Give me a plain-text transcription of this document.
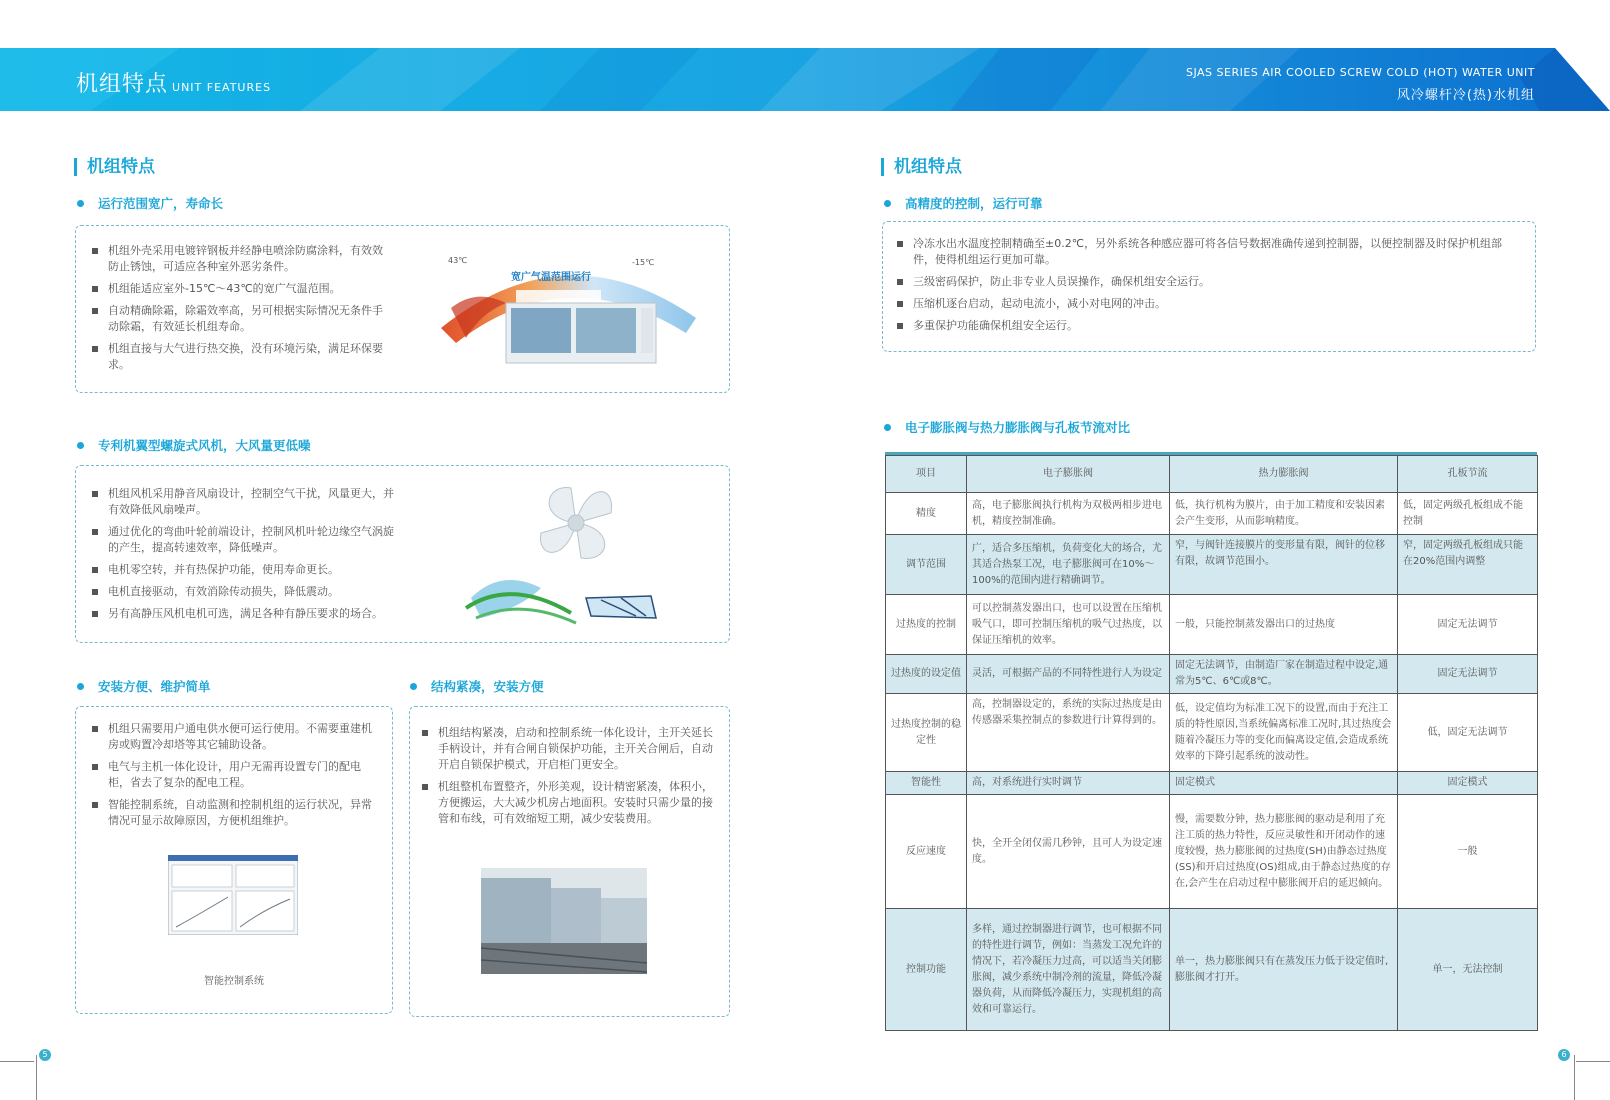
机组特点 UNIT FEATURES
SJAS SERIES AIR COOLED SCREW COLD (HOT) WATER UNIT
风冷螺杆冷(热)水机组
机组特点
运行范围宽广，寿命长
机组外壳采用电镀锌钢板并经静电喷涂防腐涂料，有效效防止锈蚀，可适应各种室外恶劣条件。
机组能适应室外-15℃～43℃的宽广气温范围。
自动精确除霜，除霜效率高，另可根据实际情况无条件手动除霜，有效延长机组寿命。
机组直接与大气进行热交换，没有环境污染，满足环保要求。
43℃	-15℃
宽广气温范围运行
专利机翼型螺旋式风机，大风量更低噪
机组风机采用静音风扇设计，控制空气干扰，风量更大，并有效降低风扇噪声。
通过优化的弯曲叶轮前端设计，控制风机叶轮边缘空气涡旋的产生，提高转速效率，降低噪声。
电机零空转，并有热保护功能，使用寿命更长。
电机直接驱动，有效消除传动损失，降低震动。
另有高静压风机电机可选，满足各种有静压要求的场合。
安装方便、维护简单
机组只需要用户通电供水便可运行使用。不需要重建机房或购置冷却塔等其它辅助设备。
电气与主机一体化设计，用户无需再设置专门的配电柜，省去了复杂的配电工程。
智能控制系统，自动监测和控制机组的运行状况，异常情况可显示故障原因，方便机组维护。
智能控制系统
结构紧凑，安装方便
机组结构紧凑，启动和控制系统一体化设计，主开关延长手柄设计，并有合闸自锁保护功能，主开关合闸后，自动开启自锁保护模式，开启柜门更安全。
机组整机布置整齐，外形美观，设计精密紧凑，体积小，方便搬运，大大减少机房占地面积。安装时只需少量的接管和布线，可有效缩短工期，减少安装费用。
5
机组特点
高精度的控制，运行可靠
冷冻水出水温度控制精确至±0.2℃，另外系统各种感应器可将各信号数据准确传递到控制器，以便控制器及时保护机组部件，使得机组运行更加可靠。
三级密码保护，防止非专业人员误操作，确保机组安全运行。
压缩机逐台启动，起动电流小，减小对电网的冲击。
多重保护功能确保机组安全运行。
电子膨胀阀与热力膨胀阀与孔板节流对比
项目	电子膨胀阀	热力膨胀阀	孔板节流
精度	高，电子膨胀阀执行机构为双极两相步进电机，精度控制准确。	低，执行机构为膜片，由于加工精度和安装因素会产生变形，从而影响精度。	低，固定两级孔板组成不能控制
调节范围	广，适合多压缩机，负荷变化大的场合，尤其适合热泵工况，电子膨胀阀可在10%～100%的范围内进行精确调节。	窄，与阀针连接膜片的变形量有限，阀针的位移有限，故调节范围小。	窄，固定两级孔板组成只能在20%范围内调整
过热度的控制	可以控制蒸发器出口，也可以设置在压缩机吸气口，即可控制压缩机的吸气过热度，以保证压缩机的效率。	一般，只能控制蒸发器出口的过热度	固定无法调节
过热度的设定值	灵活，可根据产品的不同特性进行人为设定	固定无法调节，由制造厂家在制造过程中设定,通常为5℃、6℃或8℃。	固定无法调节
过热度控制的稳定性	高，控制器设定的，系统的实际过热度是由传感器采集控制点的参数进行计算得到的。	低，设定值均为标准工况下的设置,而由于充注工质的特性原因,当系统偏离标准工况时,其过热度会随着冷凝压力等的变化而偏离设定值,会造成系统效率的下降引起系统的波动性。	低，固定无法调节
智能性	高，对系统进行实时调节	固定模式	固定模式
反应速度	快，全开全闭仅需几秒钟，且可人为设定速度。	慢，需要数分钟，热力膨胀阀的驱动是利用了充注工质的热力特性，反应灵敏性和开闭动作的速度较慢，热力膨胀阀的过热度(SH)由静态过热度(SS)和开启过热度(OS)组成,由于静态过热度的存在,会产生在启动过程中膨胀阀开启的延迟倾向。	一般
控制功能	多样，通过控制器进行调节，也可根据不同的特性进行调节，例如：当蒸发工况允许的情况下，若冷凝压力过高，可以适当关闭膨胀阀，减少系统中制冷剂的流量，降低冷凝器负荷，从而降低冷凝压力，实现机组的高效和可靠运行。	单一，热力膨胀阀只有在蒸发压力低于设定值时,膨胀阀才打开。	单一，无法控制
6
